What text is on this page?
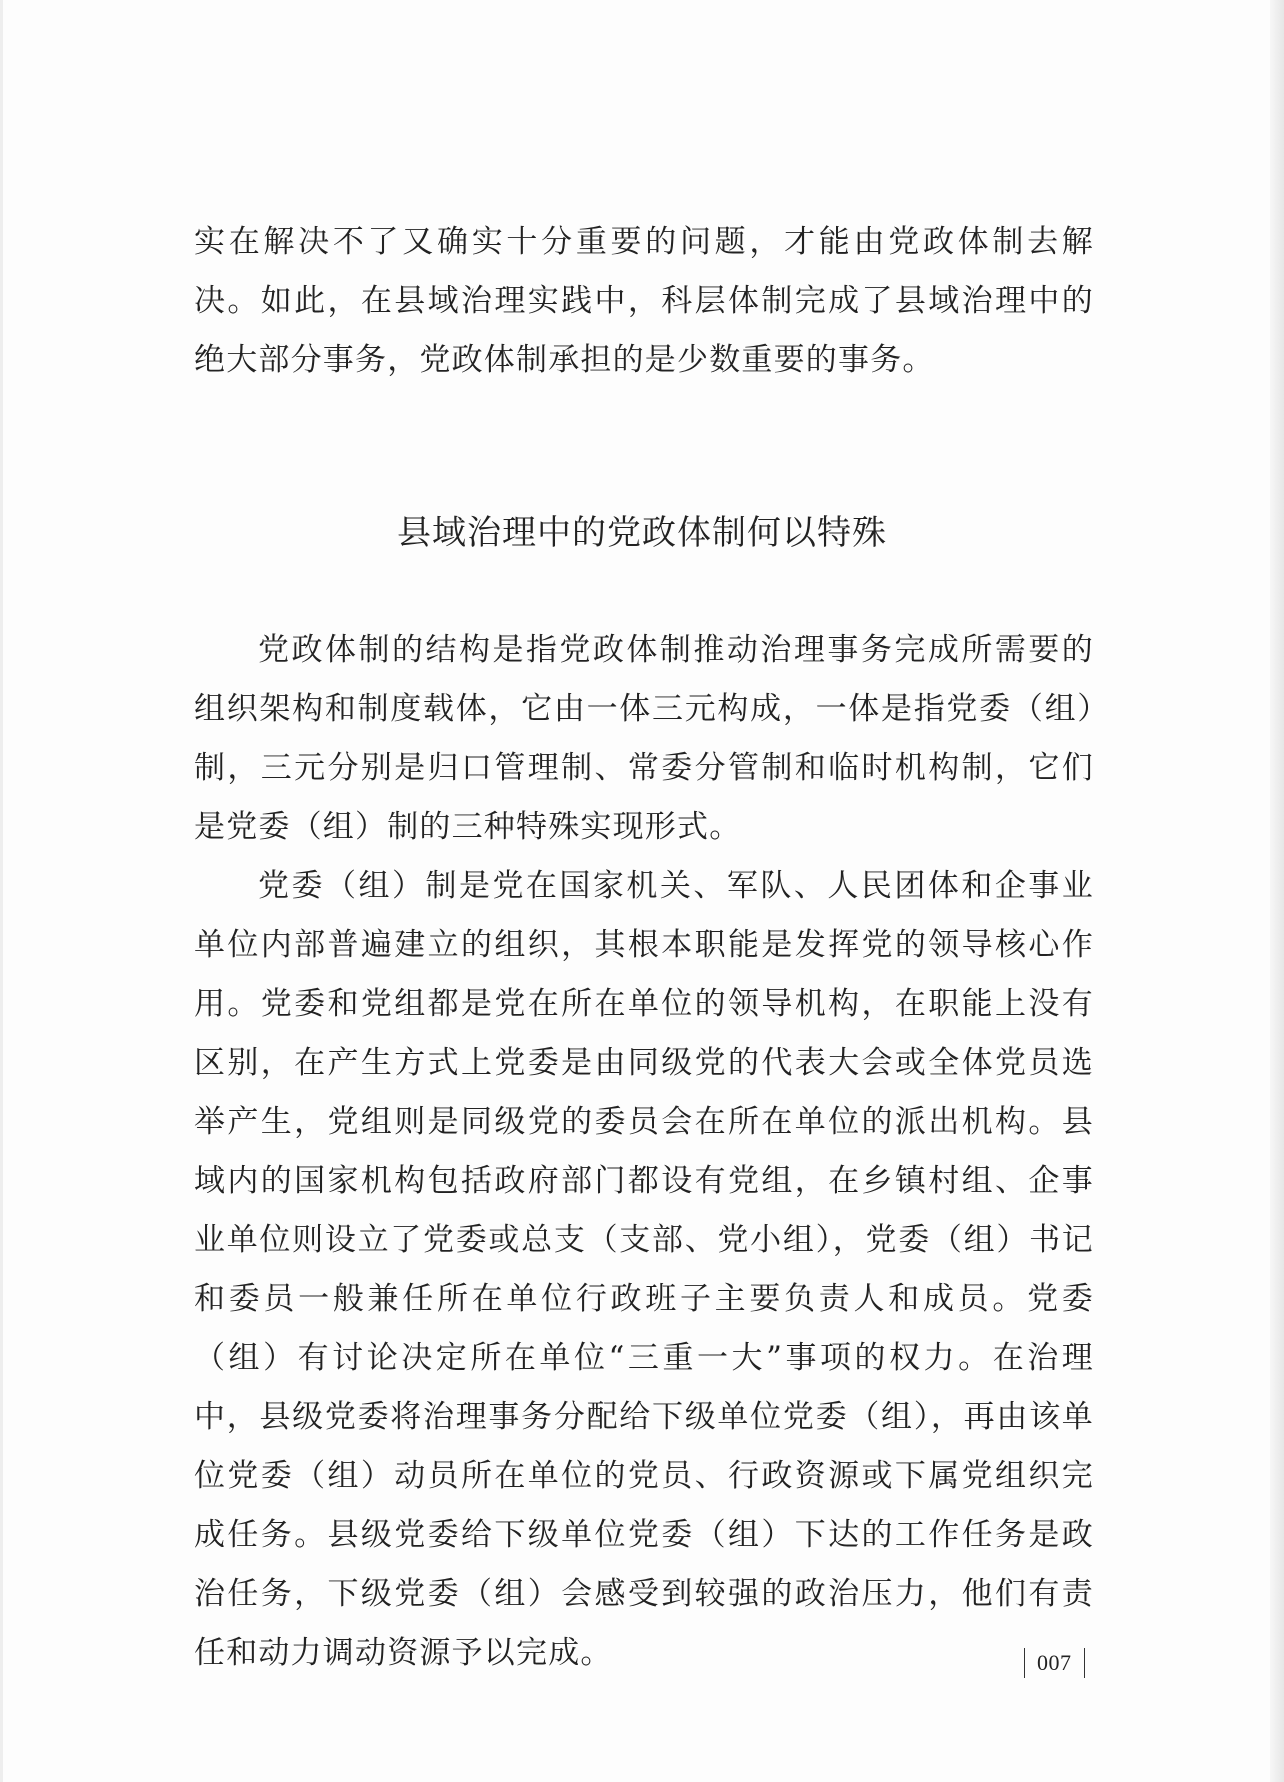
实在解决不了又确实十分重要的问题，才能由党政体制去解决。如此，在县域治理实践中，科层体制完成了县域治理中的绝大部分事务，党政体制承担的是少数重要的事务。

县域治理中的党政体制何以特殊

党政体制的结构是指党政体制推动治理事务完成所需要的组织架构和制度载体，它由一体三元构成，一体是指党委（组）制，三元分别是归口管理制、常委分管制和临时机构制，它们是党委（组）制的三种特殊实现形式。

党委（组）制是党在国家机关、军队、人民团体和企事业单位内部普遍建立的组织，其根本职能是发挥党的领导核心作用。党委和党组都是党在所在单位的领导机构，在职能上没有区别，在产生方式上党委是由同级党的代表大会或全体党员选举产生，党组则是同级党的委员会在所在单位的派出机构。县域内的国家机构包括政府部门都设有党组，在乡镇村组、企事业单位则设立了党委或总支（支部、党小组），党委（组）书记和委员一般兼任所在单位行政班子主要负责人和成员。党委（组）有讨论决定所在单位“三重一大”事项的权力。在治理中，县级党委将治理事务分配给下级单位党委（组），再由该单位党委（组）动员所在单位的党员、行政资源或下属党组织完成任务。县级党委给下级单位党委（组）下达的工作任务是政治任务，下级党委（组）会感受到较强的政治压力，他们有责任和动力调动资源予以完成。	007
